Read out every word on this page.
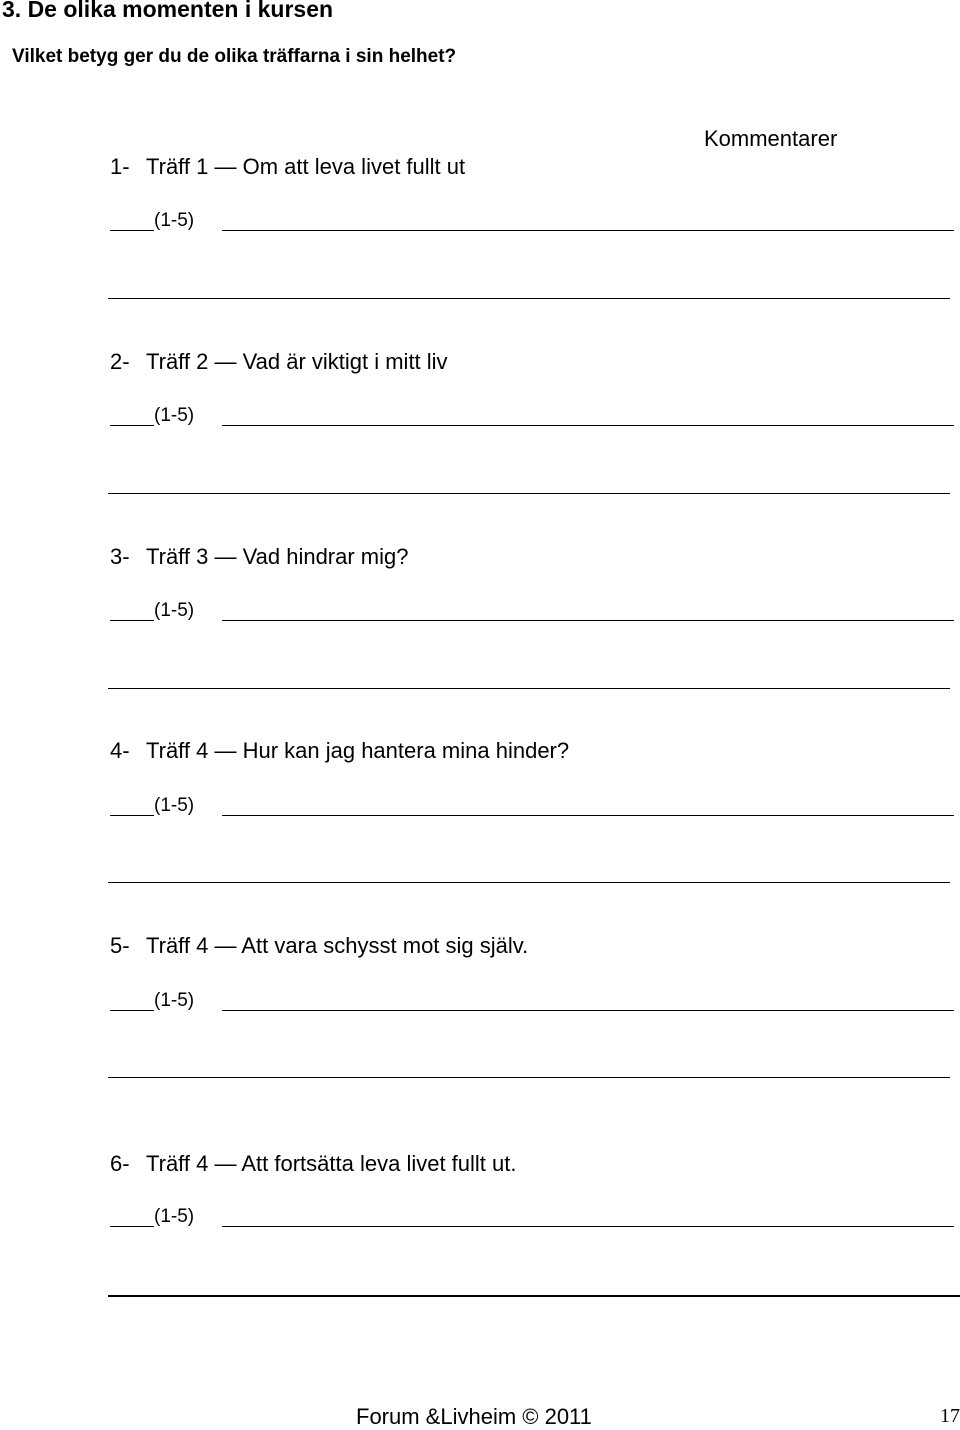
3. De olika momenten i kursen
Vilket betyg ger du de olika träffarna i sin helhet?
Kommentarer
1- Träff 1 — Om att leva livet fullt ut
(1-5)
2- Träff 2 — Vad är viktigt i mitt liv
(1-5)
3- Träff 3 — Vad hindrar mig?
(1-5)
4- Träff 4 — Hur kan jag hantera mina hinder?
(1-5)
5- Träff 4 — Att vara schysst mot sig själv.
(1-5)
6- Träff 4 — Att fortsätta leva livet fullt ut.
(1-5)
Forum &Livheim © 2011	17
